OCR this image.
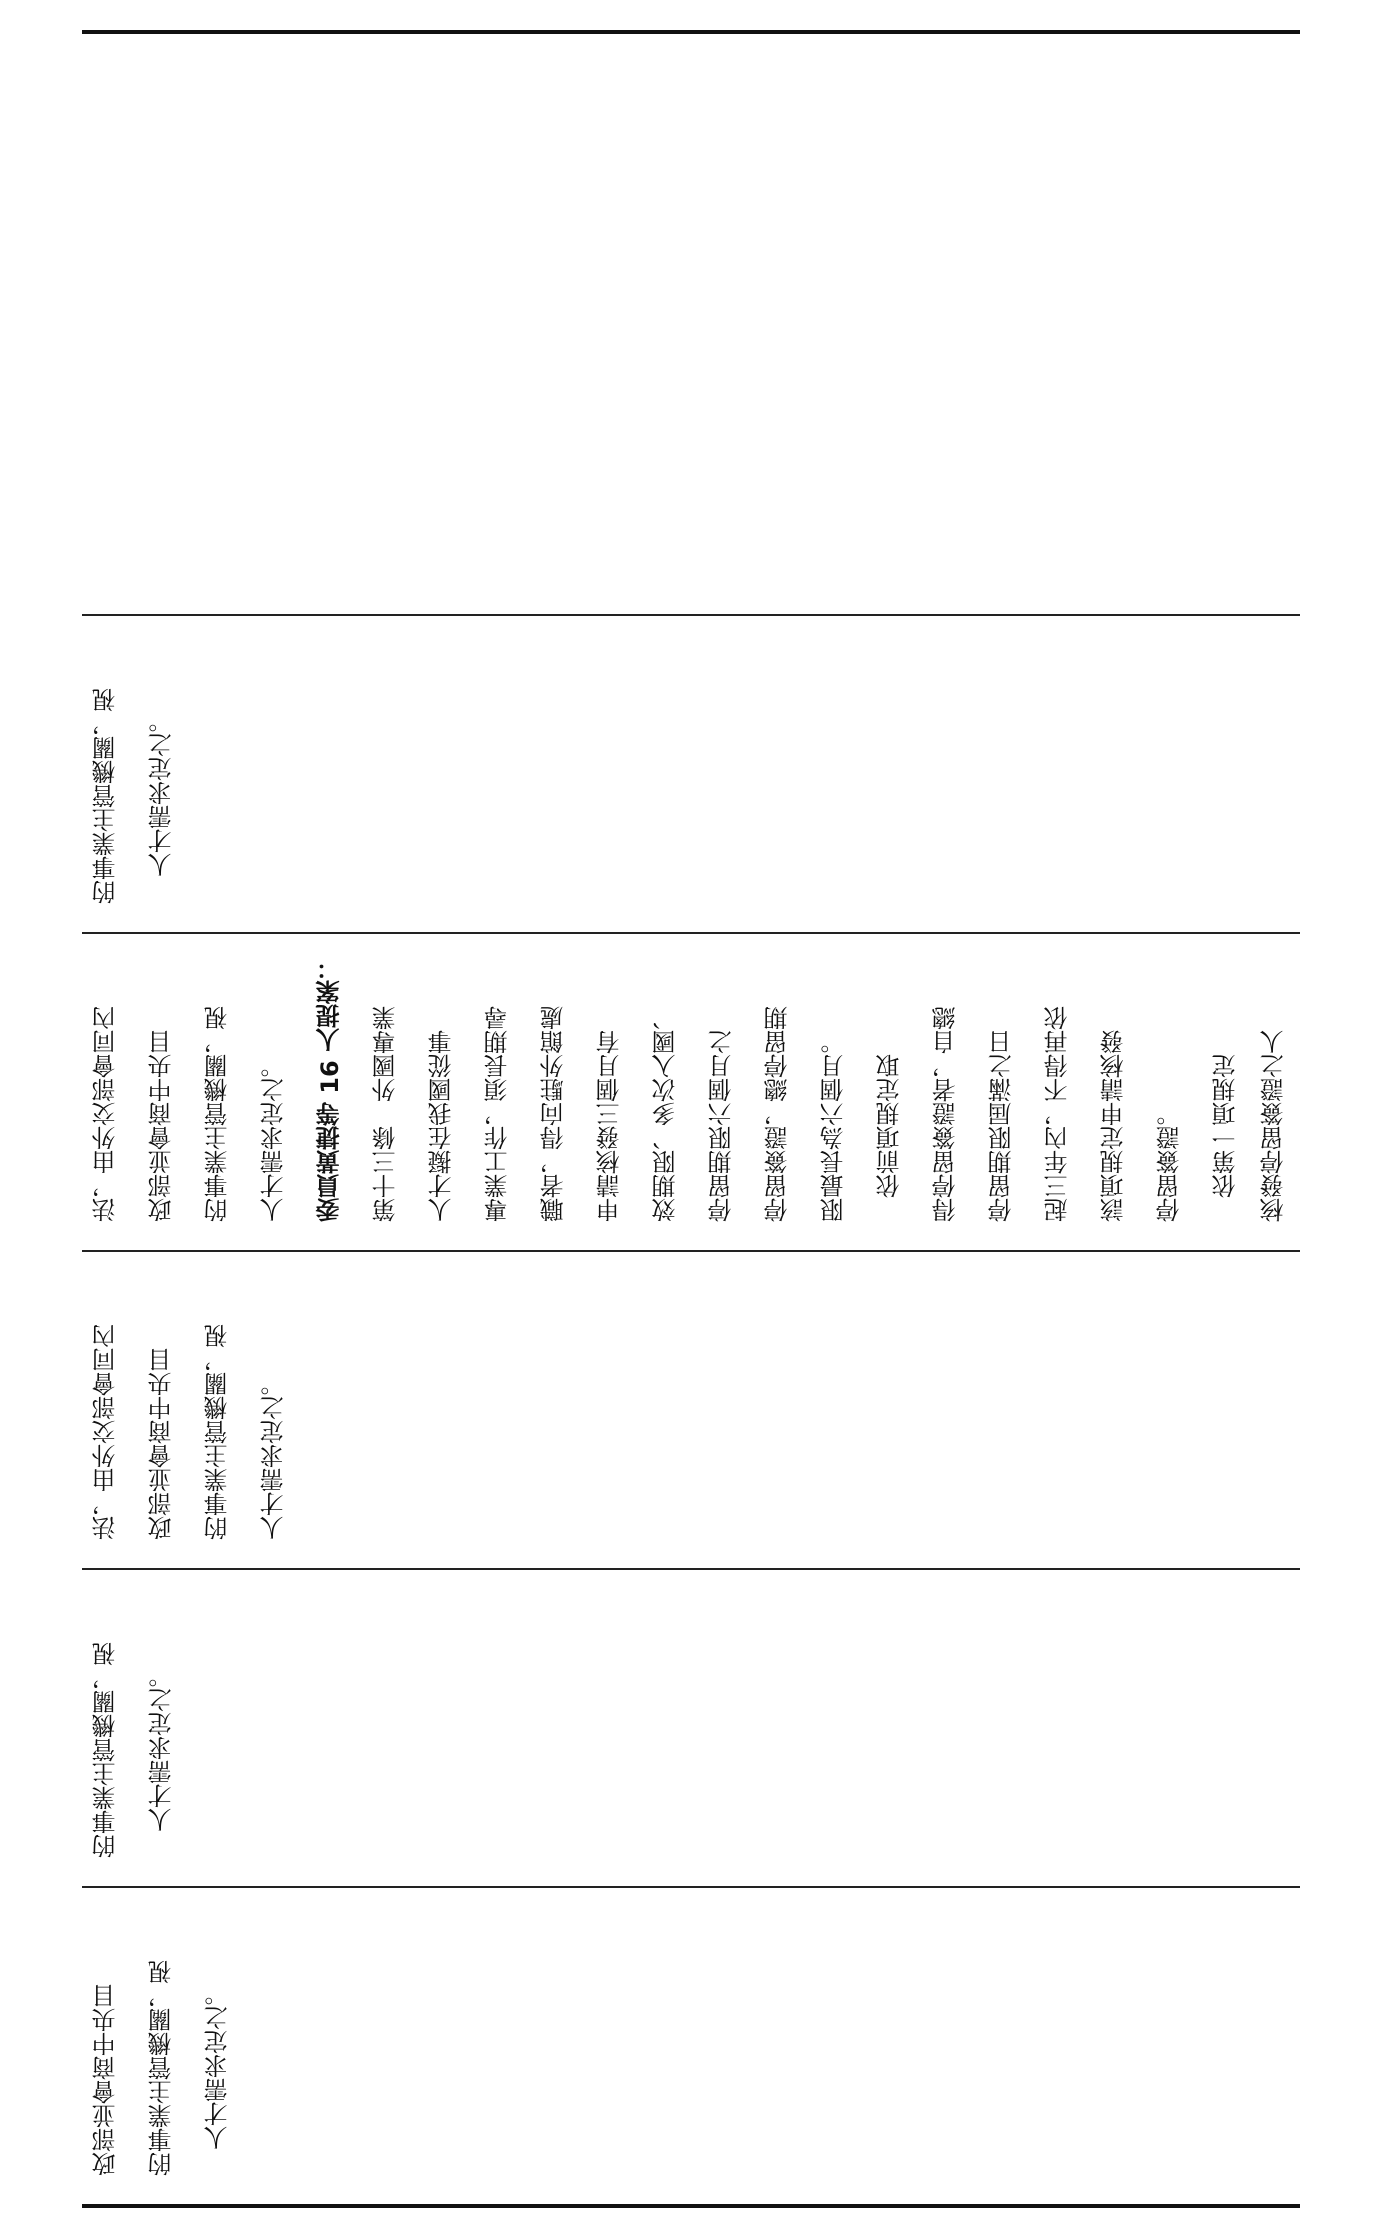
的事業主管機關，視 人才需求定之。
法，由外交部會同內 政部並會商中央目 的事業主管機關，視 人才需求定之。 委員黃捷等 16 人提案： 第十三條　外國專業 人才擬在我國從事 專業工作，須長期尋 職者，得向駐外館處 申請核發三個月有 效期限、多次入國、 停留期限六個月之 停留簽證，總停留期 限最長為六個月。 　依前項規定取 得停留簽證者，自總 停留期限屆滿之日 起三年內，不得再依 該項規定申請核發 停留簽證。 　依第一項規定 核發停留簽證之人
法，由外交部會同內 政部並會商中央目 的事業主管機關，視 人才需求定之。
的事業主管機關，視 人才需求定之。
政部並會商中央目 的事業主管機關，視 人才需求定之。
